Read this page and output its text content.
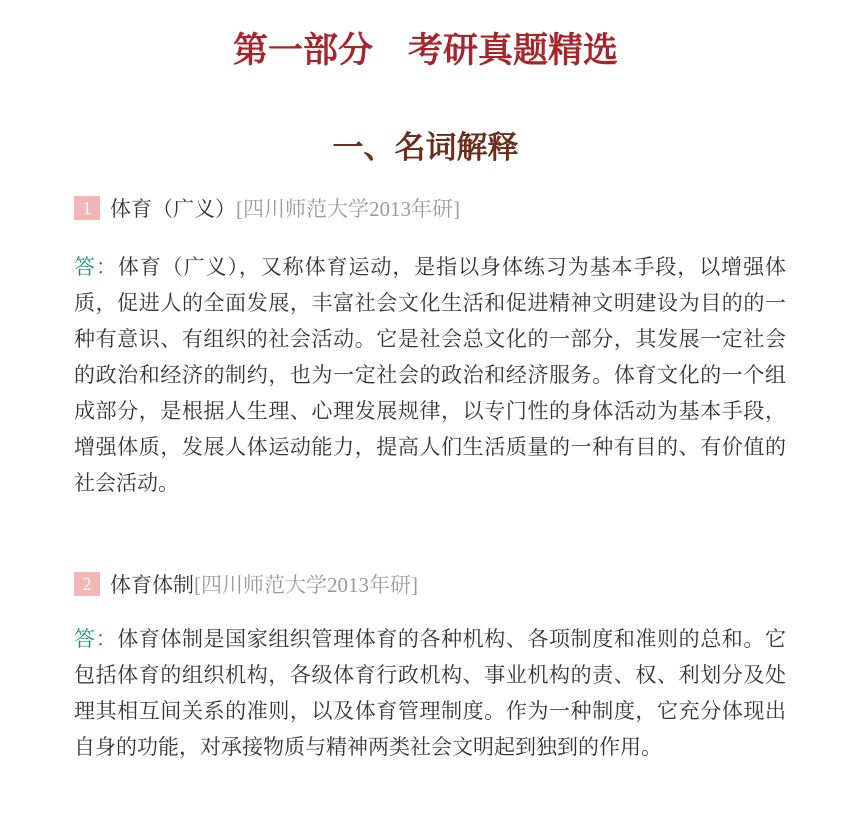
第一部分　考研真题精选
一、名词解释
1 体育（广义） [四川师范大学2013年研]

答：体育（广义），又称体育运动，是指以身体练习为基本手段，以增强体质，促进人的全面发展，丰富社会文化生活和促进精神文明建设为目的的一种有意识、有组织的社会活动。它是社会总文化的一部分，其发展一定社会的政治和经济的制约，也为一定社会的政治和经济服务。体育文化的一个组成部分，是根据人生理、心理发展规律，以专门性的身体活动为基本手段，增强体质，发展人体运动能力，提高人们生活质量的一种有目的、有价值的社会活动。

2 体育体制 [四川师范大学2013年研]

答：体育体制是国家组织管理体育的各种机构、各项制度和准则的总和。它包括体育的组织机构，各级体育行政机构、事业机构的责、权、利划分及处理其相互间关系的准则，以及体育管理制度。作为一种制度，它充分体现出自身的功能，对承接物质与精神两类社会文明起到独到的作用。
